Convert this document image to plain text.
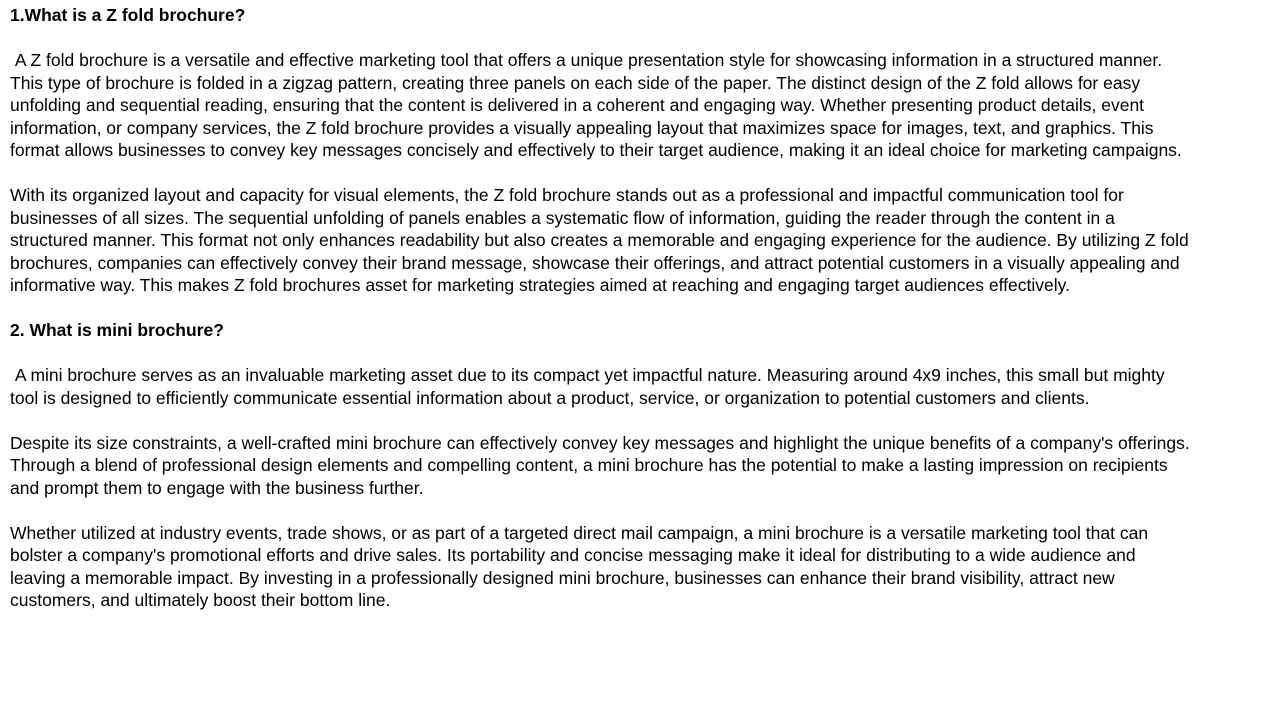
1.What is a Z fold brochure?

A Z fold brochure is a versatile and effective marketing tool that offers a unique presentation style for showcasing information in a structured manner.
This type of brochure is folded in a zigzag pattern, creating three panels on each side of the paper. The distinct design of the Z fold allows for easy
unfolding and sequential reading, ensuring that the content is delivered in a coherent and engaging way. Whether presenting product details, event
information, or company services, the Z fold brochure provides a visually appealing layout that maximizes space for images, text, and graphics. This
format allows businesses to convey key messages concisely and effectively to their target audience, making it an ideal choice for marketing campaigns.

With its organized layout and capacity for visual elements, the Z fold brochure stands out as a professional and impactful communication tool for
businesses of all sizes. The sequential unfolding of panels enables a systematic flow of information, guiding the reader through the content in a
structured manner. This format not only enhances readability but also creates a memorable and engaging experience for the audience. By utilizing Z fold
brochures, companies can effectively convey their brand message, showcase their offerings, and attract potential customers in a visually appealing and
informative way. This makes Z fold brochures asset for marketing strategies aimed at reaching and engaging target audiences effectively.

2. What is mini brochure?

A mini brochure serves as an invaluable marketing asset due to its compact yet impactful nature. Measuring around 4x9 inches, this small but mighty
tool is designed to efficiently communicate essential information about a product, service, or organization to potential customers and clients.

Despite its size constraints, a well-crafted mini brochure can effectively convey key messages and highlight the unique benefits of a company's offerings.
Through a blend of professional design elements and compelling content, a mini brochure has the potential to make a lasting impression on recipients
and prompt them to engage with the business further.

Whether utilized at industry events, trade shows, or as part of a targeted direct mail campaign, a mini brochure is a versatile marketing tool that can
bolster a company's promotional efforts and drive sales. Its portability and concise messaging make it ideal for distributing to a wide audience and
leaving a memorable impact. By investing in a professionally designed mini brochure, businesses can enhance their brand visibility, attract new
customers, and ultimately boost their bottom line.
